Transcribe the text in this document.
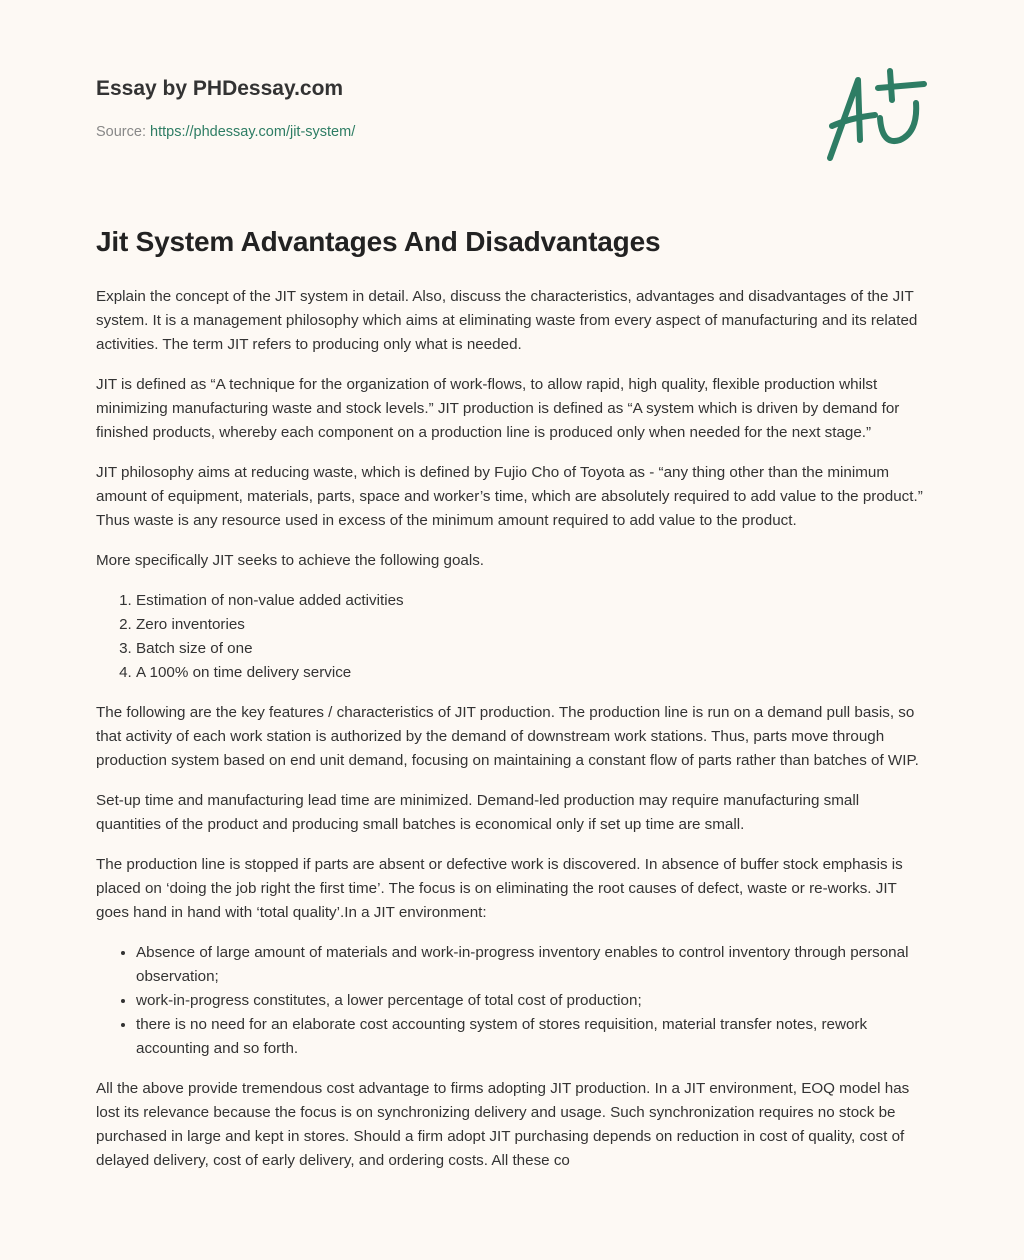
Essay by PHDessay.com
Source: https://phdessay.com/jit-system/
Jit System Advantages And Disadvantages

Explain the concept of the JIT system in detail. Also, discuss the characteristics, advantages and disadvantages of the JIT system. It is a management philosophy which aims at eliminating waste from every aspect of manufacturing and its related activities. The term JIT refers to producing only what is needed.

JIT is defined as “A technique for the organization of work-flows, to allow rapid, high quality, flexible production whilst minimizing manufacturing waste and stock levels.” JIT production is defined as “A system which is driven by demand for finished products, whereby each component on a production line is produced only when needed for the next stage.”

JIT philosophy aims at reducing waste, which is defined by Fujio Cho of Toyota as - “any thing other than the minimum amount of equipment, materials, parts, space and worker’s time, which are absolutely required to add value to the product.” Thus waste is any resource used in excess of the minimum amount required to add value to the product.

More specifically JIT seeks to achieve the following goals.

1. Estimation of non-value added activities
2. Zero inventories
3. Batch size of one
4. A 100% on time delivery service

The following are the key features / characteristics of JIT production. The production line is run on a demand pull basis, so that activity of each work station is authorized by the demand of downstream work stations. Thus, parts move through production system based on end unit demand, focusing on maintaining a constant flow of parts rather than batches of WIP.

Set-up time and manufacturing lead time are minimized. Demand-led production may require manufacturing small quantities of the product and producing small batches is economical only if set up time are small.

The production line is stopped if parts are absent or defective work is discovered. In absence of buffer stock emphasis is placed on ‘doing the job right the first time’. The focus is on eliminating the root causes of defect, waste or re-works. JIT goes hand in hand with ‘total quality’.In a JIT environment:

• Absence of large amount of materials and work-in-progress inventory enables to control inventory through personal observation;
• work-in-progress constitutes, a lower percentage of total cost of production;
• there is no need for an elaborate cost accounting system of stores requisition, material transfer notes, rework accounting and so forth.

All the above provide tremendous cost advantage to firms adopting JIT production. In a JIT environment, EOQ model has lost its relevance because the focus is on synchronizing delivery and usage. Such synchronization requires no stock be purchased in large and kept in stores. Should a firm adopt JIT purchasing depends on reduction in cost of quality, cost of delayed delivery, cost of early delivery, and ordering costs. All these co
